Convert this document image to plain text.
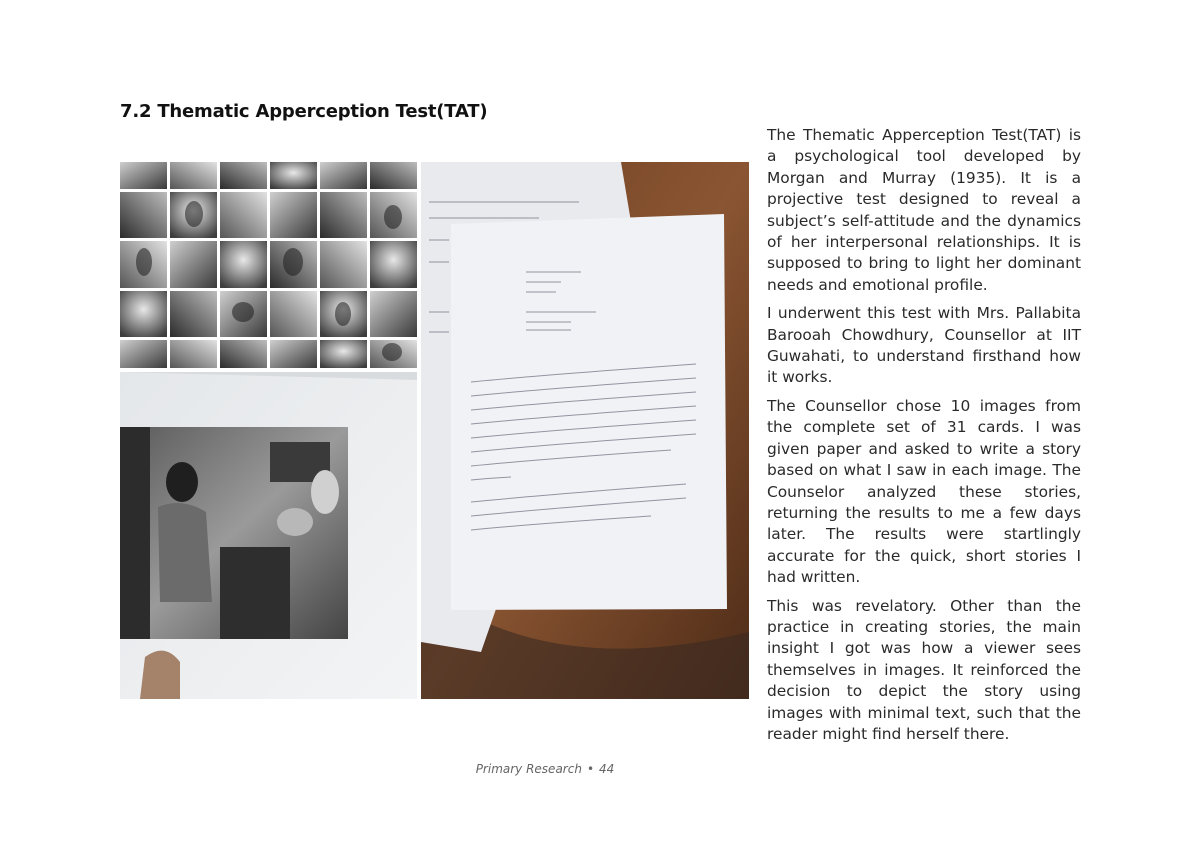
7.2 Thematic Apperception Test(TAT)

The Thematic Apperception Test(TAT) is a psychological tool developed by Morgan and Murray (1935). It is a projective test designed to reveal a subject’s self-attitude and the dynamics of her interpersonal relationships. It is supposed to bring to light her dominant needs and emotional profile.

I underwent this test with Mrs. Pallabita Barooah Chowdhury, Counsellor at IIT Guwahati, to understand firsthand how it works.

The Counsellor chose 10 images from the complete set of 31 cards. I was given paper and asked to write a story based on what I saw in each image. The Counselor analyzed these stories, returning the results to me a few days later. The results were startlingly accurate for the quick, short stories I had written.

This was revelatory. Other than the practice in creating stories, the main insight I got was how a viewer sees themselves in images. It reinforced the decision to depict the story using images with minimal text, such that the reader might find herself there.

Primary Research • 44
